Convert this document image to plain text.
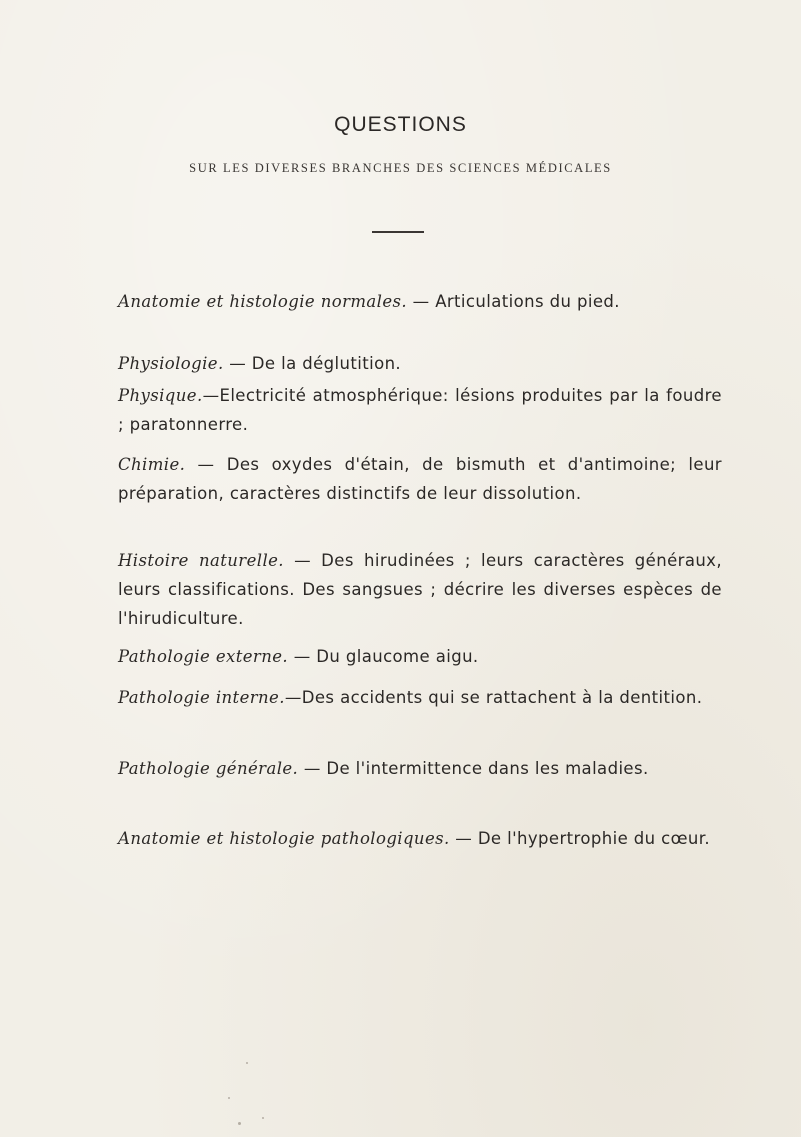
QUESTIONS
SUR LES DIVERSES BRANCHES DES SCIENCES MÉDICALES
Anatomie et histologie normales. — Articulations du pied.
Physiologie. — De la déglutition.
Physique.—Electricité atmosphérique: lésions produites par la foudre ; paratonnerre.
Chimie. — Des oxydes d'étain, de bismuth et d'antimoine; leur préparation, caractères distinctifs de leur dissolution.
Histoire naturelle. — Des hirudinées ; leurs caractères généraux, leurs classifications. Des sangsues ; décrire les diverses espèces de l'hirudiculture.
Pathologie externe. — Du glaucome aigu.
Pathologie interne.—Des accidents qui se rattachent à la dentition.
Pathologie générale. — De l'intermittence dans les maladies.
Anatomie et histologie pathologiques. — De l'hypertrophie du cœur.
